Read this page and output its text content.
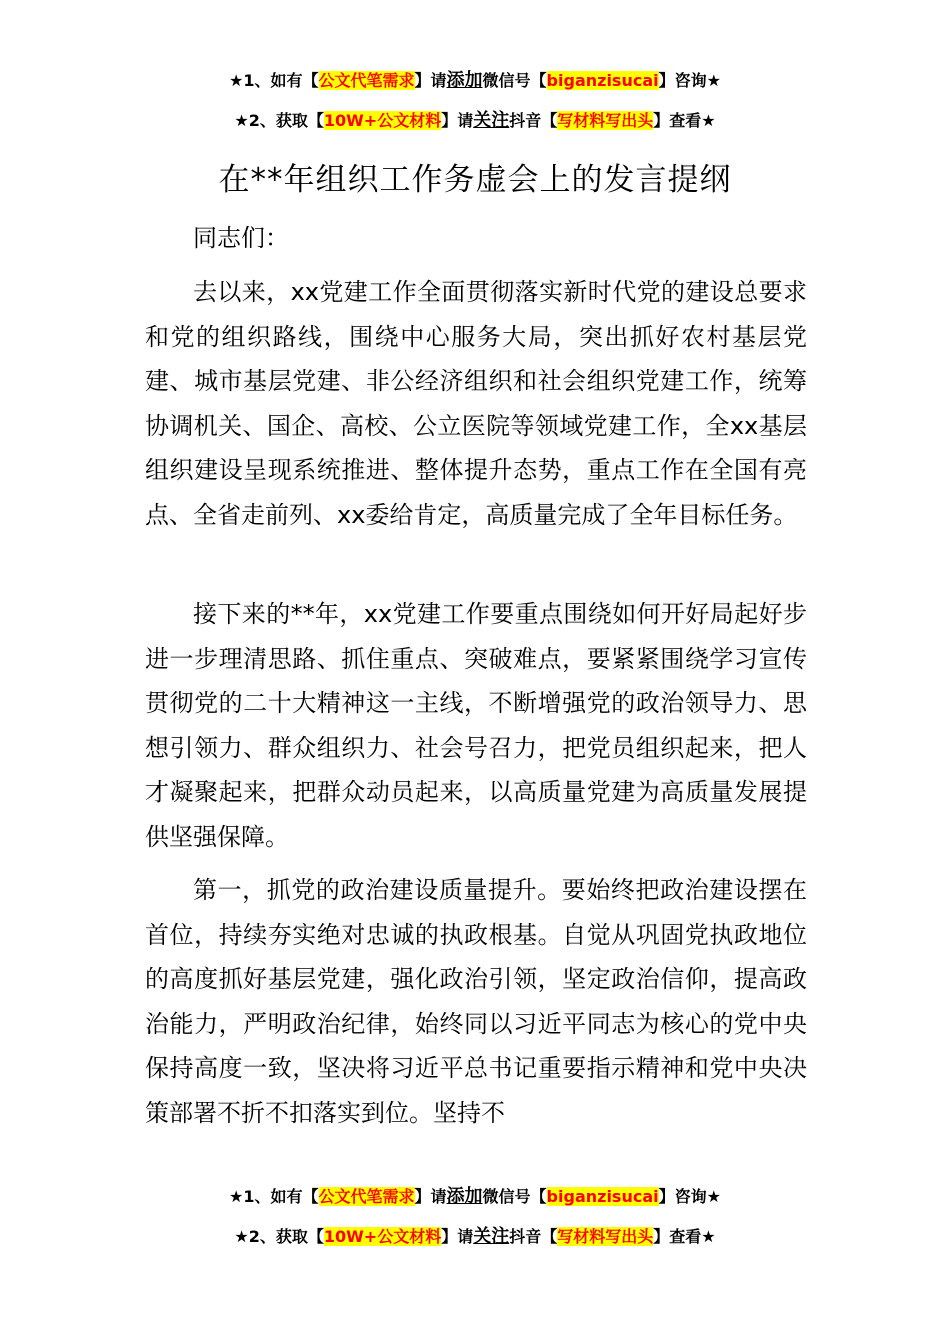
★1、如有【公文代笔需求】请添加微信号【biganzisucai】咨询★
★2、获取【10W+公文材料】请关注抖音【写材料写出头】查看★
在**年组织工作务虚会上的发言提纲
同志们：

去以来，xx党建工作全面贯彻落实新时代党的建设总要求和党的组织路线，围绕中心服务大局，突出抓好农村基层党建、城市基层党建、非公经济组织和社会组织党建工作，统筹协调机关、国企、高校、公立医院等领域党建工作，全xx基层组织建设呈现系统推进、整体提升态势，重点工作在全国有亮点、全省走前列、xx委给肯定，高质量完成了全年目标任务。

接下来的**年，xx党建工作要重点围绕如何开好局起好步进一步理清思路、抓住重点、突破难点，要紧紧围绕学习宣传贯彻党的二十大精神这一主线，不断增强党的政治领导力、思想引领力、群众组织力、社会号召力，把党员组织起来，把人才凝聚起来，把群众动员起来，以高质量党建为高质量发展提供坚强保障。

第一，抓党的政治建设质量提升。要始终把政治建设摆在首位，持续夯实绝对忠诚的执政根基。自觉从巩固党执政地位的高度抓好基层党建，强化政治引领，坚定政治信仰，提高政治能力，严明政治纪律，始终同以习近平同志为核心的党中央保持高度一致，坚决将习近平总书记重要指示精神和党中央决策部署不折不扣落实到位。坚持不

★1、如有【公文代笔需求】请添加微信号【biganzisucai】咨询★
★2、获取【10W+公文材料】请关注抖音【写材料写出头】查看★
